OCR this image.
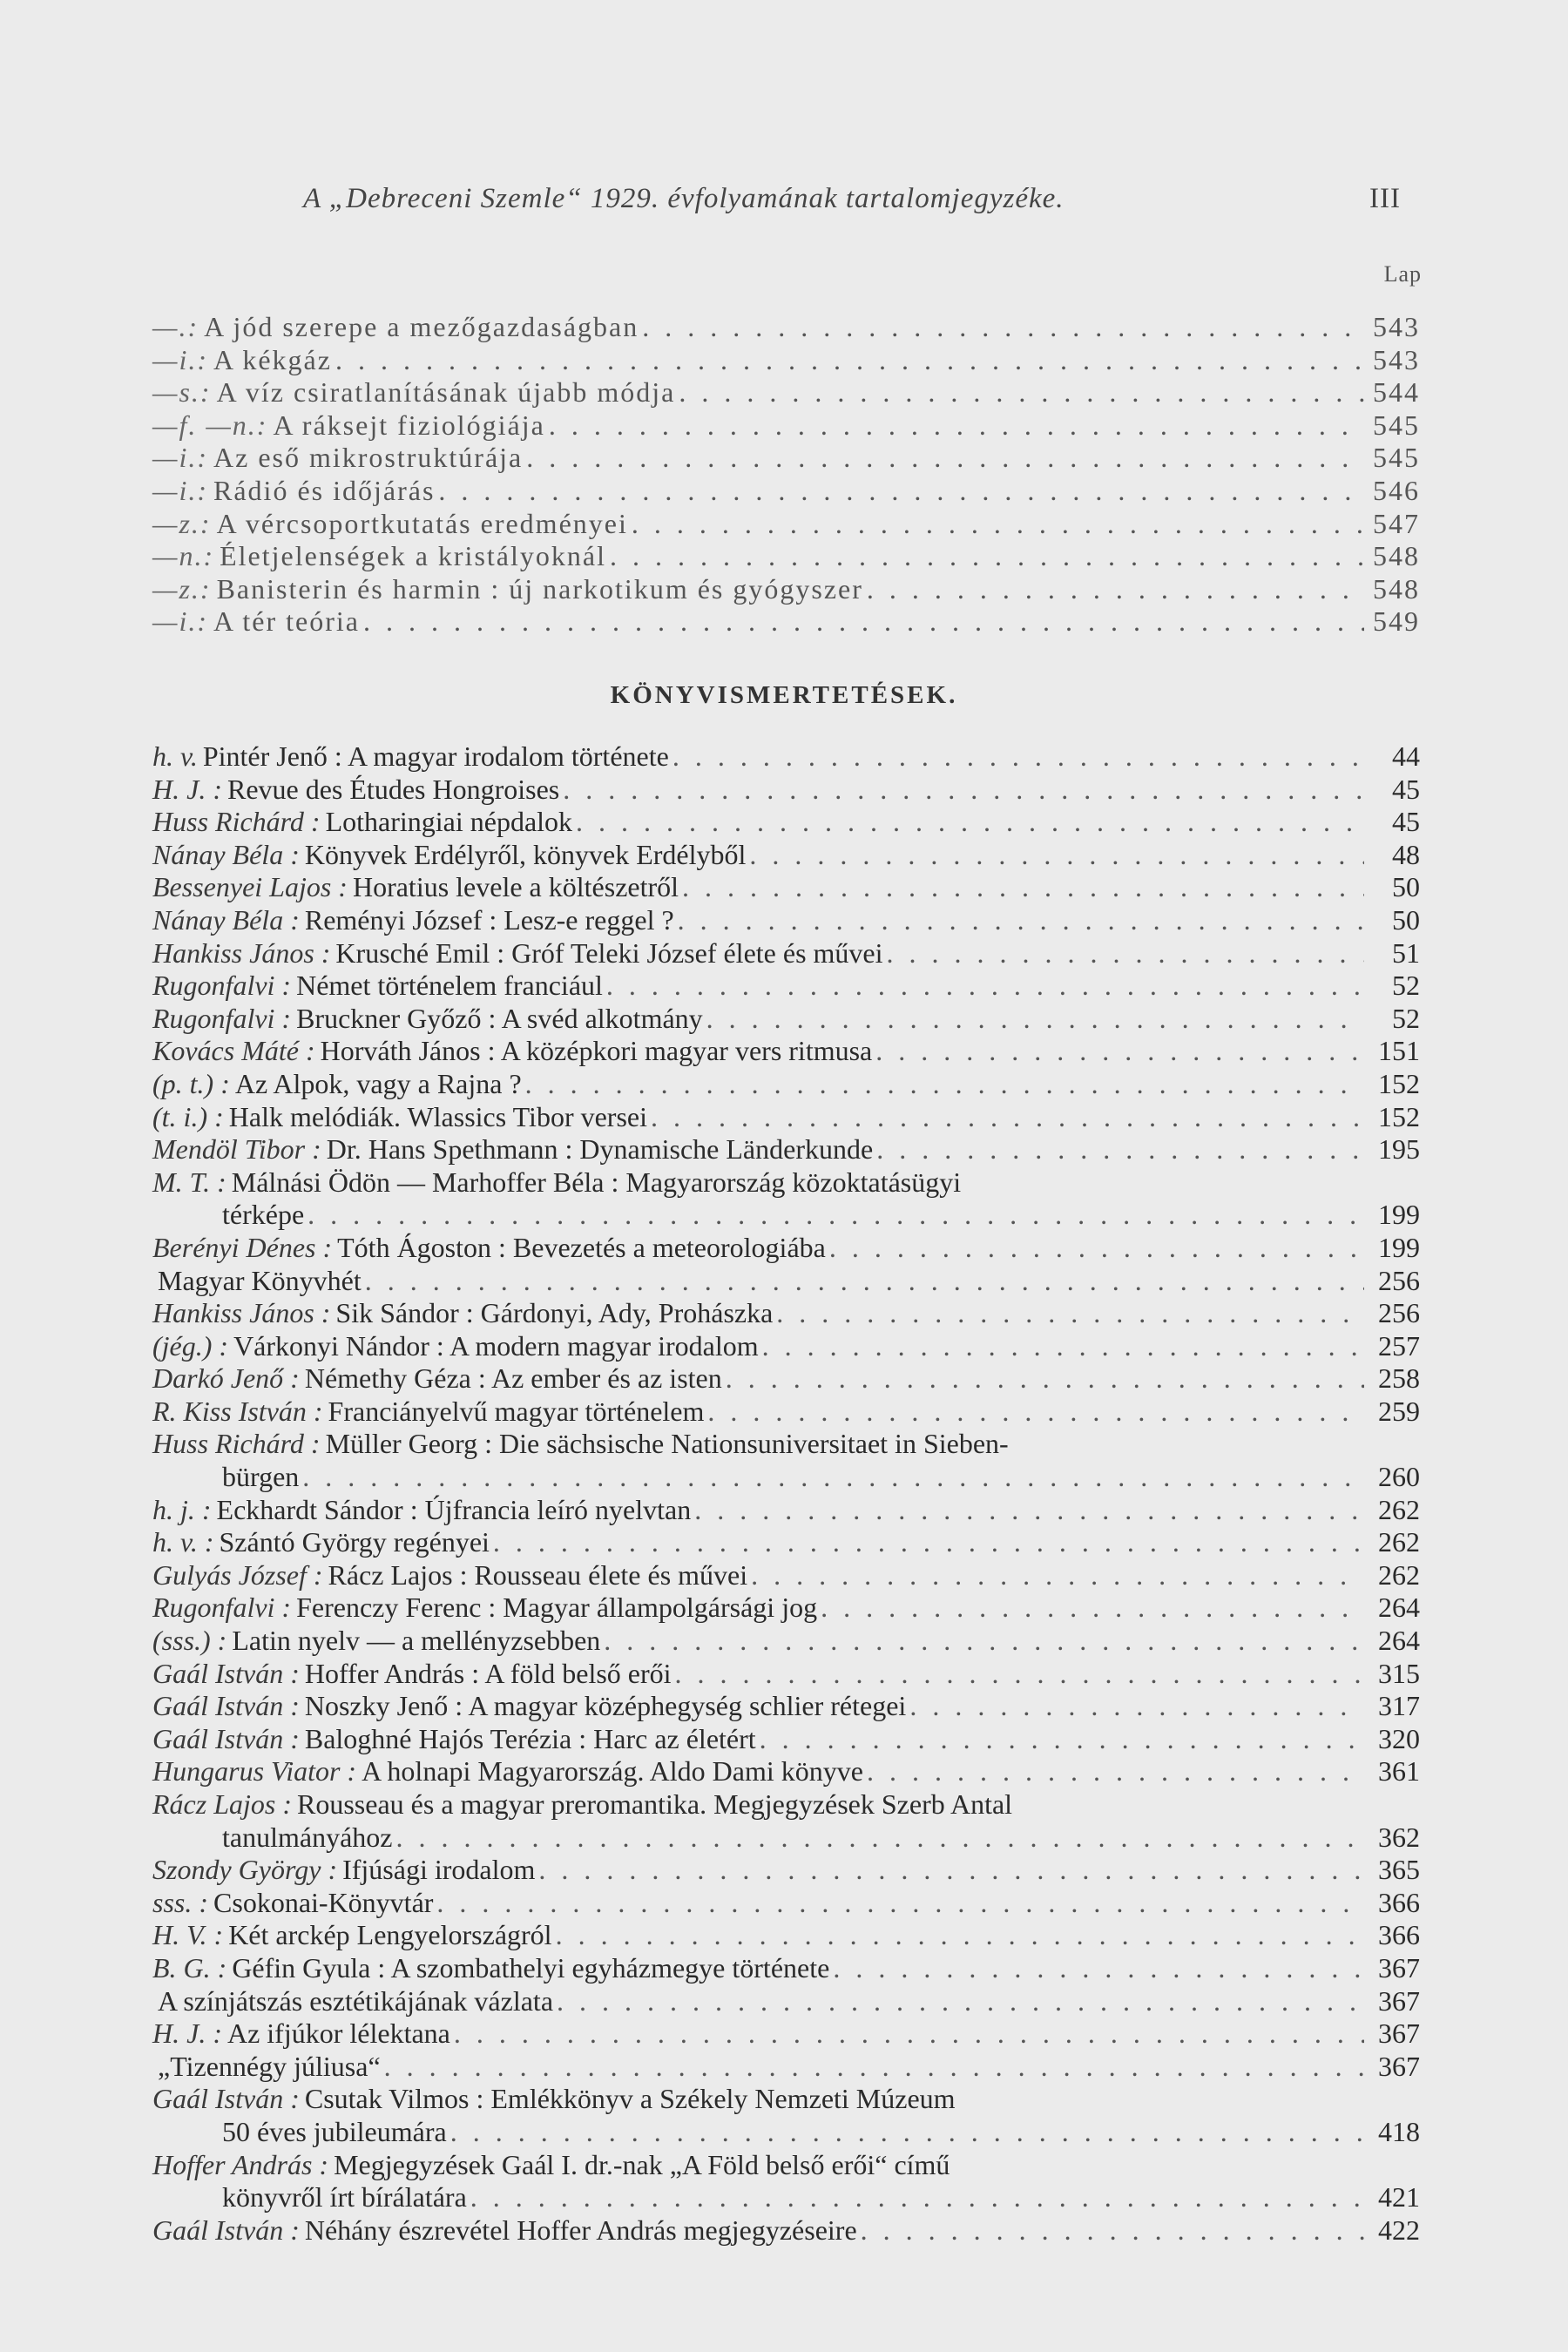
A „Debreceni Szemle“ 1929. évfolyamának tartalomjegyzéke.	III
Lap
—.: A jód szerepe a mezőgazdaságban . . .	543
—i.: A kékgáz . . .	543
—s.: A víz csiratlanításának újabb módja . . .	544
—f. —n.: A ráksejt fiziológiája . . .	545
—i.: Az eső mikrostruktúrája . . .	545
—i.: Rádió és időjárás . . .	546
—z.: A vércsoportkutatás eredményei . . .	547
—n.: Életjelenségek a kristályoknál . . .	548
—z.: Banisterin és harmin : új narkotikum és gyógyszer . . .	548
—i.: A tér teória . . .	549
KÖNYVISMERTETÉSEK.
h. v. Pintér Jenő : A magyar irodalom története . . .	44
H. J. : Revue des Études Hongroises . . .	45
Huss Richárd : Lotharingiai népdalok . . .	45
Nánay Béla : Könyvek Erdélyről, könyvek Erdélyből . . .	48
Bessenyei Lajos : Horatius levele a költészetről . . .	50
Nánay Béla : Reményi József : Lesz-e reggel ? . . .	50
Hankiss János : Krusché Emil : Gróf Teleki József élete és művei . . .	51
Rugonfalvi : Német történelem franciául . . .	52
Rugonfalvi : Bruckner Győző : A svéd alkotmány . . .	52
Kovács Máté : Horváth János : A középkori magyar vers ritmusa . . .	151
(p. t.) : Az Alpok, vagy a Rajna ? . . .	152
(t. i.) : Halk melódiák. Wlassics Tibor versei . . .	152
Mendöl Tibor : Dr. Hans Spethmann : Dynamische Länderkunde . . .	195
M. T. : Málnási Ödön — Marhoffer Béla : Magyarország közoktatásügyi
térképe . . .	199
Berényi Dénes : Tóth Ágoston : Bevezetés a meteorologiába . . .	199
Magyar Könyvhét . . .	256
Hankiss János : Sik Sándor : Gárdonyi, Ady, Prohászka . . .	256
(jég.) : Várkonyi Nándor : A modern magyar irodalom . . .	257
Darkó Jenő : Némethy Géza : Az ember és az isten . . .	258
R. Kiss István : Franciányelvű magyar történelem . . .	259
Huss Richárd : Müller Georg : Die sächsische Nationsuniversitaet in Sieben-
bürgen . . .	260
h. j. : Eckhardt Sándor : Újfrancia leíró nyelvtan . . .	262
h. v. : Szántó György regényei . . .	262
Gulyás József : Rácz Lajos : Rousseau élete és művei . . .	262
Rugonfalvi : Ferenczy Ferenc : Magyar állampolgársági jog . . .	264
(sss.) : Latin nyelv — a mellényzsebben . . .	264
Gaál István : Hoffer András : A föld belső erői . . .	315
Gaál István : Noszky Jenő : A magyar középhegység schlier rétegei . . .	317
Gaál István : Baloghné Hajós Terézia : Harc az életért . . .	320
Hungarus Viator : A holnapi Magyarország. Aldo Dami könyve . . .	361
Rácz Lajos : Rousseau és a magyar preromantika. Megjegyzések Szerb Antal
tanulmányához . . .	362
Szondy György : Ifjúsági irodalom . . .	365
sss. : Csokonai-Könyvtár . . .	366
H. V. : Két arckép Lengyelországról . . .	366
B. G. : Géfin Gyula : A szombathelyi egyházmegye története . . .	367
A színjátszás esztétikájának vázlata . . .	367
H. J. : Az ifjúkor lélektana . . .	367
„Tizennégy júliusa“ . . .	367
Gaál István : Csutak Vilmos : Emlékkönyv a Székely Nemzeti Múzeum
50 éves jubileumára . . .	418
Hoffer András : Megjegyzések Gaál I. dr.-nak „A Föld belső erői“ című
könyvről írt bírálatára . . .	421
Gaál István : Néhány észrevétel Hoffer András megjegyzéseire . . .	422
